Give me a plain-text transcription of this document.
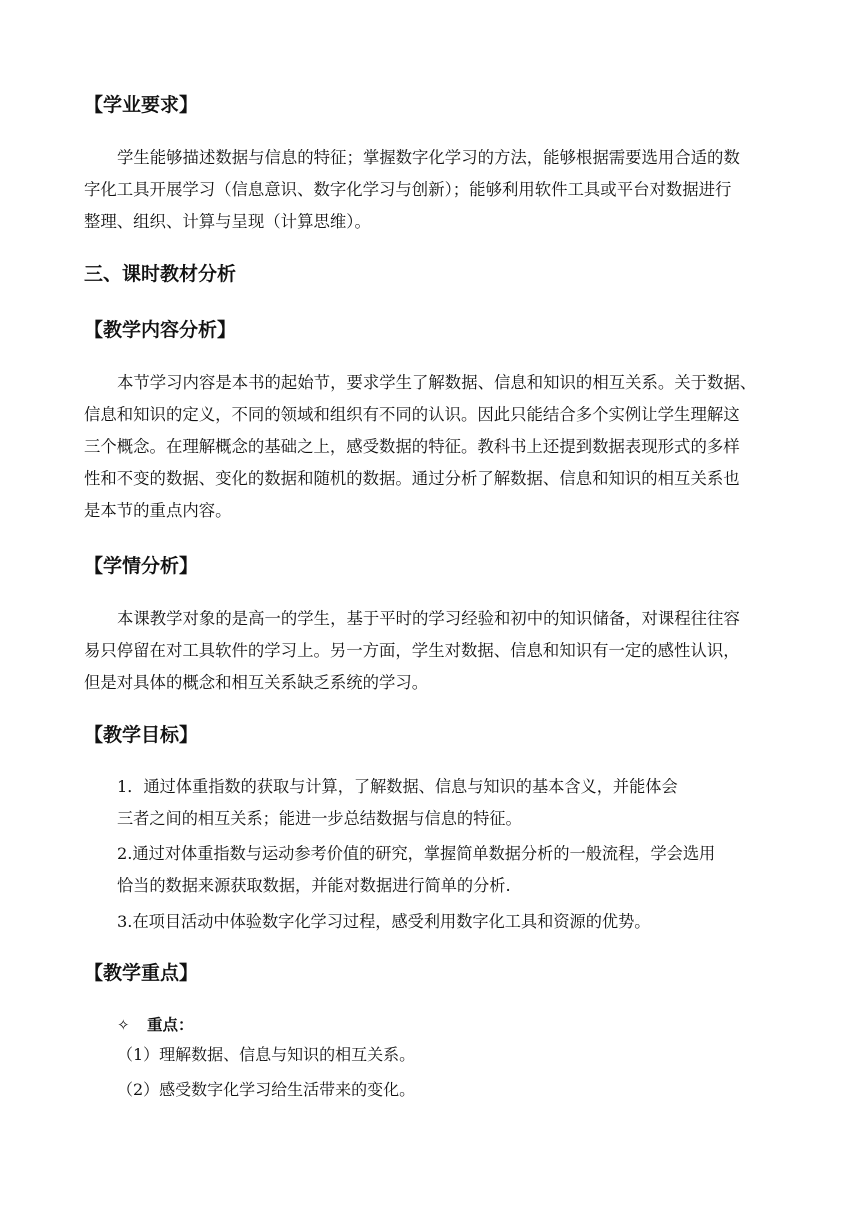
【学业要求】
学生能够描述数据与信息的特征；掌握数字化学习的方法，能够根据需要选用合适的数
字化工具开展学习（信息意识、数字化学习与创新）；能够利用软件工具或平台对数据进行
整理、组织、计算与呈现（计算思维）。
三、课时教材分析
【教学内容分析】
本节学习内容是本书的起始节，要求学生了解数据、信息和知识的相互关系。关于数据、
信息和知识的定义，不同的领域和组织有不同的认识。因此只能结合多个实例让学生理解这
三个概念。在理解概念的基础之上，感受数据的特征。教科书上还提到数据表现形式的多样
性和不变的数据、变化的数据和随机的数据。通过分析了解数据、信息和知识的相互关系也
是本节的重点内容。
【学情分析】
本课教学对象的是高一的学生，基于平时的学习经验和初中的知识储备，对课程往往容
易只停留在对工具软件的学习上。另一方面，学生对数据、信息和知识有一定的感性认识，
但是对具体的概念和相互关系缺乏系统的学习。
【教学目标】
1．通过体重指数的获取与计算，了解数据、信息与知识的基本含义，并能体会
三者之间的相互关系；能进一步总结数据与信息的特征。
2.通过对体重指数与运动参考价值的研究，掌握简单数据分析的一般流程，学会选用
恰当的数据来源获取数据，并能对数据进行简单的分析.
3.在项目活动中体验数字化学习过程，感受利用数字化工具和资源的优势。
【教学重点】
✧ 重点：
（1）理解数据、信息与知识的相互关系。
（2）感受数字化学习给生活带来的变化。
